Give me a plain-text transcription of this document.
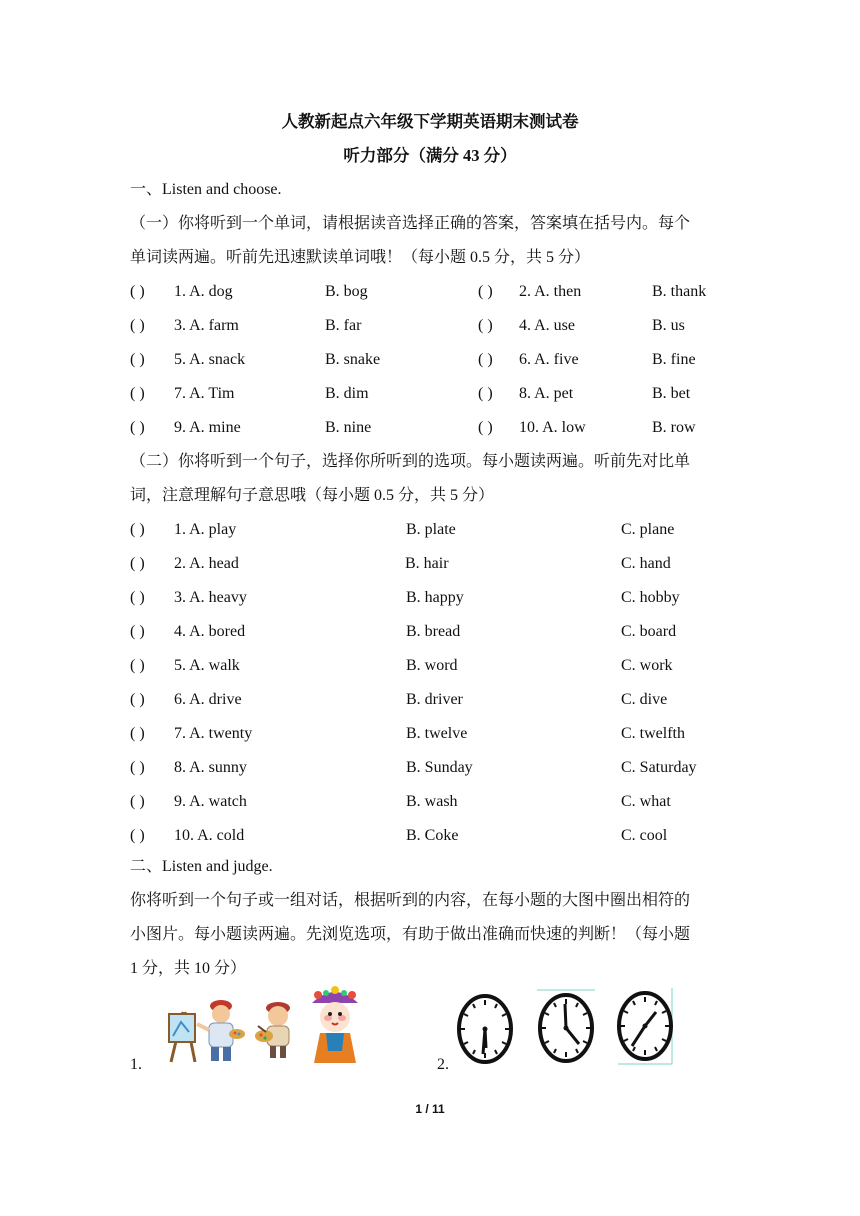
人教新起点六年级下学期英语期末测试卷
听力部分（满分 43 分）
一、Listen and choose.
（一）你将听到一个单词，请根据读音选择正确的答案，答案填在括号内。每个
单词读两遍。听前先迅速默读单词哦！（每小题 0.5 分，共 5 分）
( ) 1. A. dog	B. bog	( ) 2. A. then	B. thank
( ) 3. A. farm	B. far	( ) 4. A. use	B. us
( ) 5. A. snack	B. snake	( ) 6. A. five	B. fine
( ) 7. A. Tim	B. dim	( ) 8. A. pet	B. bet
( ) 9. A. mine	B. nine	( ) 10. A. low	B. row
（二）你将听到一个句子，选择你所听到的选项。每小题读两遍。听前先对比单
词，注意理解句子意思哦（每小题 0.5 分，共 5 分）
( ) 1. A. play	B. plate	C. plane
( ) 2. A. head	B. hair	C. hand
( ) 3. A. heavy	B. happy	C. hobby
( ) 4. A. bored	B. bread	C. board
( ) 5. A. walk	B. word	C. work
( ) 6. A. drive	B. driver	C. dive
( ) 7. A. twenty	B. twelve	C. twelfth
( ) 8. A. sunny	B. Sunday	C. Saturday
( ) 9. A. watch	B. wash	C. what
( ) 10. A. cold	B. Coke	C. cool
二、Listen and judge.
你将听到一个句子或一组对话，根据听到的内容，在每小题的大图中圈出相符的
小图片。每小题读两遍。先浏览选项，有助于做出准确而快速的判断！（每小题
1 分，共 10 分）
1.	2.
1 / 11
